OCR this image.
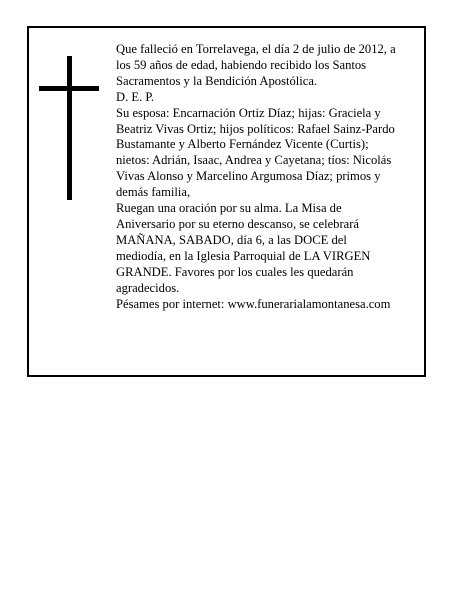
Que falleció en Torrelavega, el día 2 de julio de 2012, a

los 59 años de edad, habiendo recibido los Santos

Sacramentos y la Bendición Apostólica.

D. E. P.

Su esposa: Encarnación Ortiz Díaz; hijas: Graciela y

Beatriz Vivas Ortiz; hijos políticos: Rafael Sainz-Pardo

Bustamante y Alberto Fernández Vicente (Curtis);

nietos: Adrián, Isaac, Andrea y Cayetana; tíos: Nicolás

Vivas Alonso y Marcelino Argumosa Díaz; primos y

demás familia,

Ruegan una oración por su alma. La Misa de

Aniversario por su eterno descanso, se celebrará

MAÑANA, SABADO, día 6, a las DOCE del

mediodía, en la Iglesia Parroquial de LA VIRGEN

GRANDE. Favores por los cuales les quedarán

agradecidos.

Pésames por internet: www.funerarialamontanesa.com
